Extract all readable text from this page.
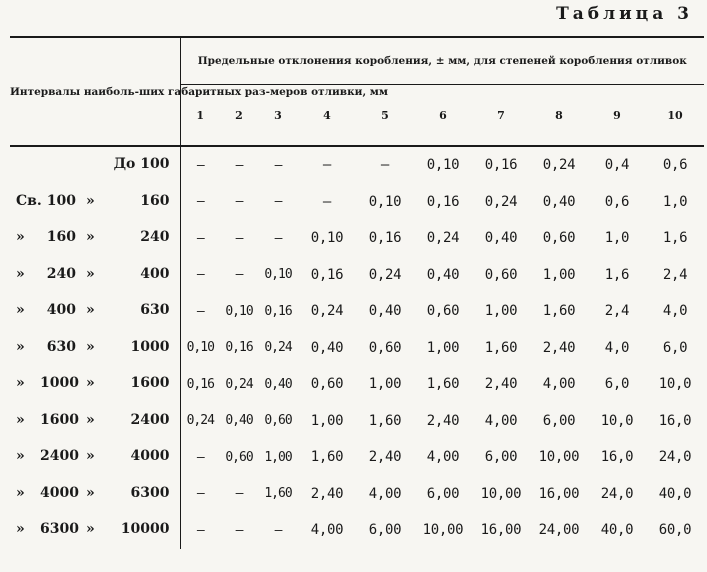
Таблица 3
Интервалы наиболь-ших габаритных раз-меров отливки, мм	Предельные отклонения коробления, ± мм, для степеней коробления отливок									
	1	2	3	4	5	6	7	8	9	10

До 100	—	—	—	—	—	0,10	0,16	0,24	0,4	0,6

Св. 100 » 160	—	—	—	—	0,10	0,16	0,24	0,40	0,6	1,0

» 160 » 240	—	—	—	0,10	0,16	0,24	0,40	0,60	1,0	1,6

» 240 » 400	—	—	0,10	0,16	0,24	0,40	0,60	1,00	1,6	2,4

» 400 » 630	—	0,10	0,16	0,24	0,40	0,60	1,00	1,60	2,4	4,0

» 630 » 1000	0,10	0,16	0,24	0,40	0,60	1,00	1,60	2,40	4,0	6,0

» 1000 » 1600	0,16	0,24	0,40	0,60	1,00	1,60	2,40	4,00	6,0	10,0

» 1600 » 2400	0,24	0,40	0,60	1,00	1,60	2,40	4,00	6,00	10,0	16,0

» 2400 » 4000	—	0,60	1,00	1,60	2,40	4,00	6,00	10,00	16,0	24,0

» 4000 » 6300	—	—	1,60	2,40	4,00	6,00	10,00	16,00	24,0	40,0

» 6300 » 10000	—	—	—	4,00	6,00	10,00	16,00	24,00	40,0	60,0
